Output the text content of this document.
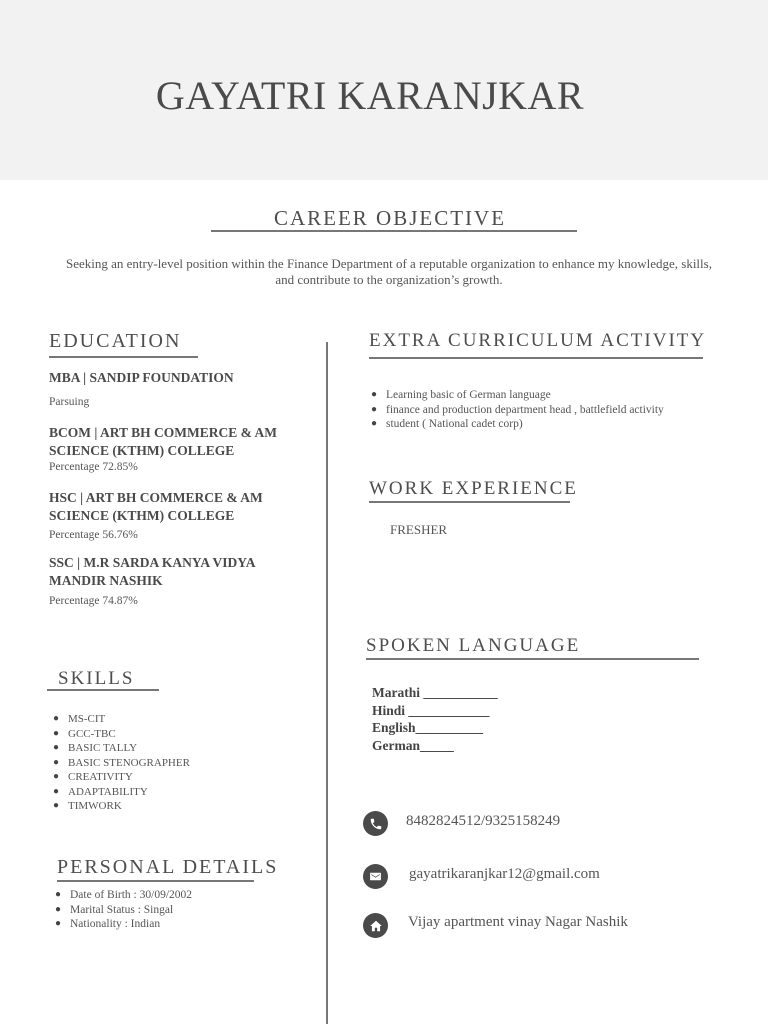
GAYATRI KARANJKAR
CAREER OBJECTIVE
Seeking an entry-level position within the Finance Department of a reputable organization to enhance my knowledge, skills, and contribute to the organization’s growth.
EDUCATION
MBA | SANDIP FOUNDATION
Parsuing
BCOM | ART BH COMMERCE & AM SCIENCE (KTHM) COLLEGE
Percentage 72.85%
HSC | ART BH COMMERCE & AM SCIENCE (KTHM) COLLEGE
Percentage 56.76%
SSC | M.R SARDA KANYA VIDYA MANDIR NASHIK
Percentage 74.87%
SKILLS
● MS-CIT
● GCC-TBC
● BASIC TALLY
● BASIC STENOGRAPHER
● CREATIVITY
● ADAPTABILITY
● TIMWORK
PERSONAL DETAILS
● Date of Birth : 30/09/2002
● Marital Status : Singal
● Nationality : Indian
EXTRA CURRICULUM ACTIVITY
● Learning basic of German language
● finance and production department head , battlefield activity
● student ( National cadet corp)
WORK EXPERIENCE
FRESHER
SPOKEN LANGUAGE
Marathi ___________
Hindi ____________
English__________
German_____
8482824512/9325158249
gayatrikaranjkar12@gmail.com
Vijay apartment vinay Nagar Nashik
